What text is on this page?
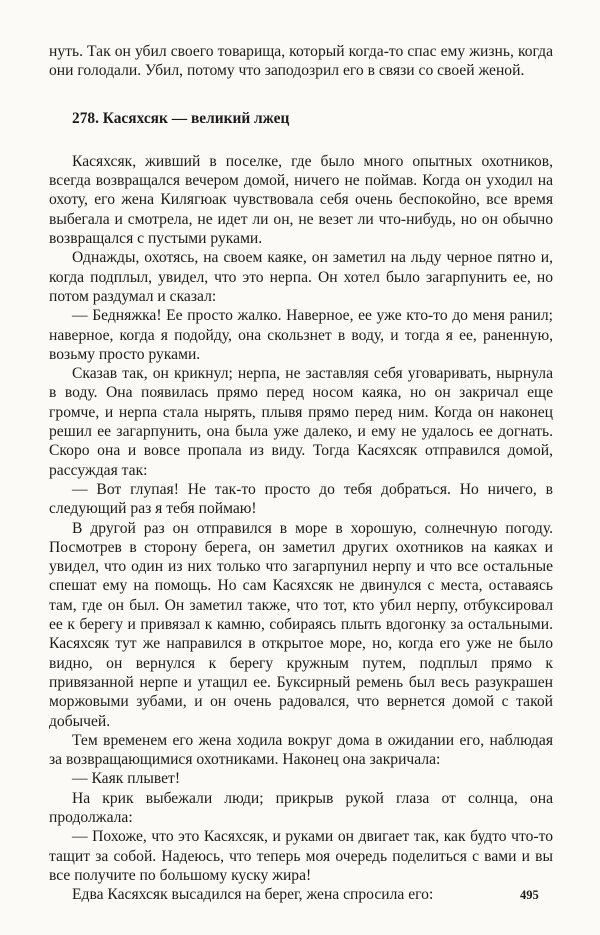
нуть. Так он убил своего товарища, который когда-то спас ему жизнь, когда они голодали. Убил, потому что заподозрил его в связи со своей женой.

278. Касяхсяк — великий лжец

Касяхсяк, живший в поселке, где было много опытных охотников, всегда возвращался вечером домой, ничего не поймав. Когда он уходил на охоту, его жена Килягюак чувствовала себя очень беспокойно, все время выбегала и смотрела, не идет ли он, не везет ли что-нибудь, но он обычно возвращался с пустыми руками.

Однажды, охотясь, на своем каяке, он заметил на льду черное пятно и, когда подплыл, увидел, что это нерпа. Он хотел было загарпунить ее, но потом раздумал и сказал:

— Бедняжка! Ее просто жалко. Наверное, ее уже кто-то до меня ранил; наверное, когда я подойду, она скользнет в воду, и тогда я ее, раненную, возьму просто руками.

Сказав так, он крикнул; нерпа, не заставляя себя уговаривать, нырнула в воду. Она появилась прямо перед носом каяка, но он закричал еще громче, и нерпа стала нырять, плывя прямо перед ним. Когда он наконец решил ее загарпунить, она была уже далеко, и ему не удалось ее догнать. Скоро она и вовсе пропала из виду. Тогда Касяхсяк отправился домой, рассуждая так:

— Вот глупая! Не так-то просто до тебя добраться. Но ничего, в следующий раз я тебя поймаю!

В другой раз он отправился в море в хорошую, солнечную погоду. Посмотрев в сторону берега, он заметил других охотников на каяках и увидел, что один из них только что загарпунил нерпу и что все остальные спешат ему на помощь. Но сам Касяхсяк не двинулся с места, оставаясь там, где он был. Он заметил также, что тот, кто убил нерпу, отбуксировал ее к берегу и привязал к камню, собираясь плыть вдогонку за остальными. Касяхсяк тут же направился в открытое море, но, когда его уже не было видно, он вернулся к берегу кружным путем, подплыл прямо к привязанной нерпе и утащил ее. Буксирный ремень был весь разукрашен моржовыми зубами, и он очень радовался, что вернется домой с такой добычей.

Тем временем его жена ходила вокруг дома в ожидании его, наблюдая за возвращающимися охотниками. Наконец она закричала:

— Каяк плывет!

На крик выбежали люди; прикрыв рукой глаза от солнца, она продолжала:

— Похоже, что это Касяхсяк, и руками он двигает так, как будто что-то тащит за собой. Надеюсь, что теперь моя очередь поделиться с вами и вы все получите по большому куску жира!

Едва Касяхсяк высадился на берег, жена спросила его:	495
